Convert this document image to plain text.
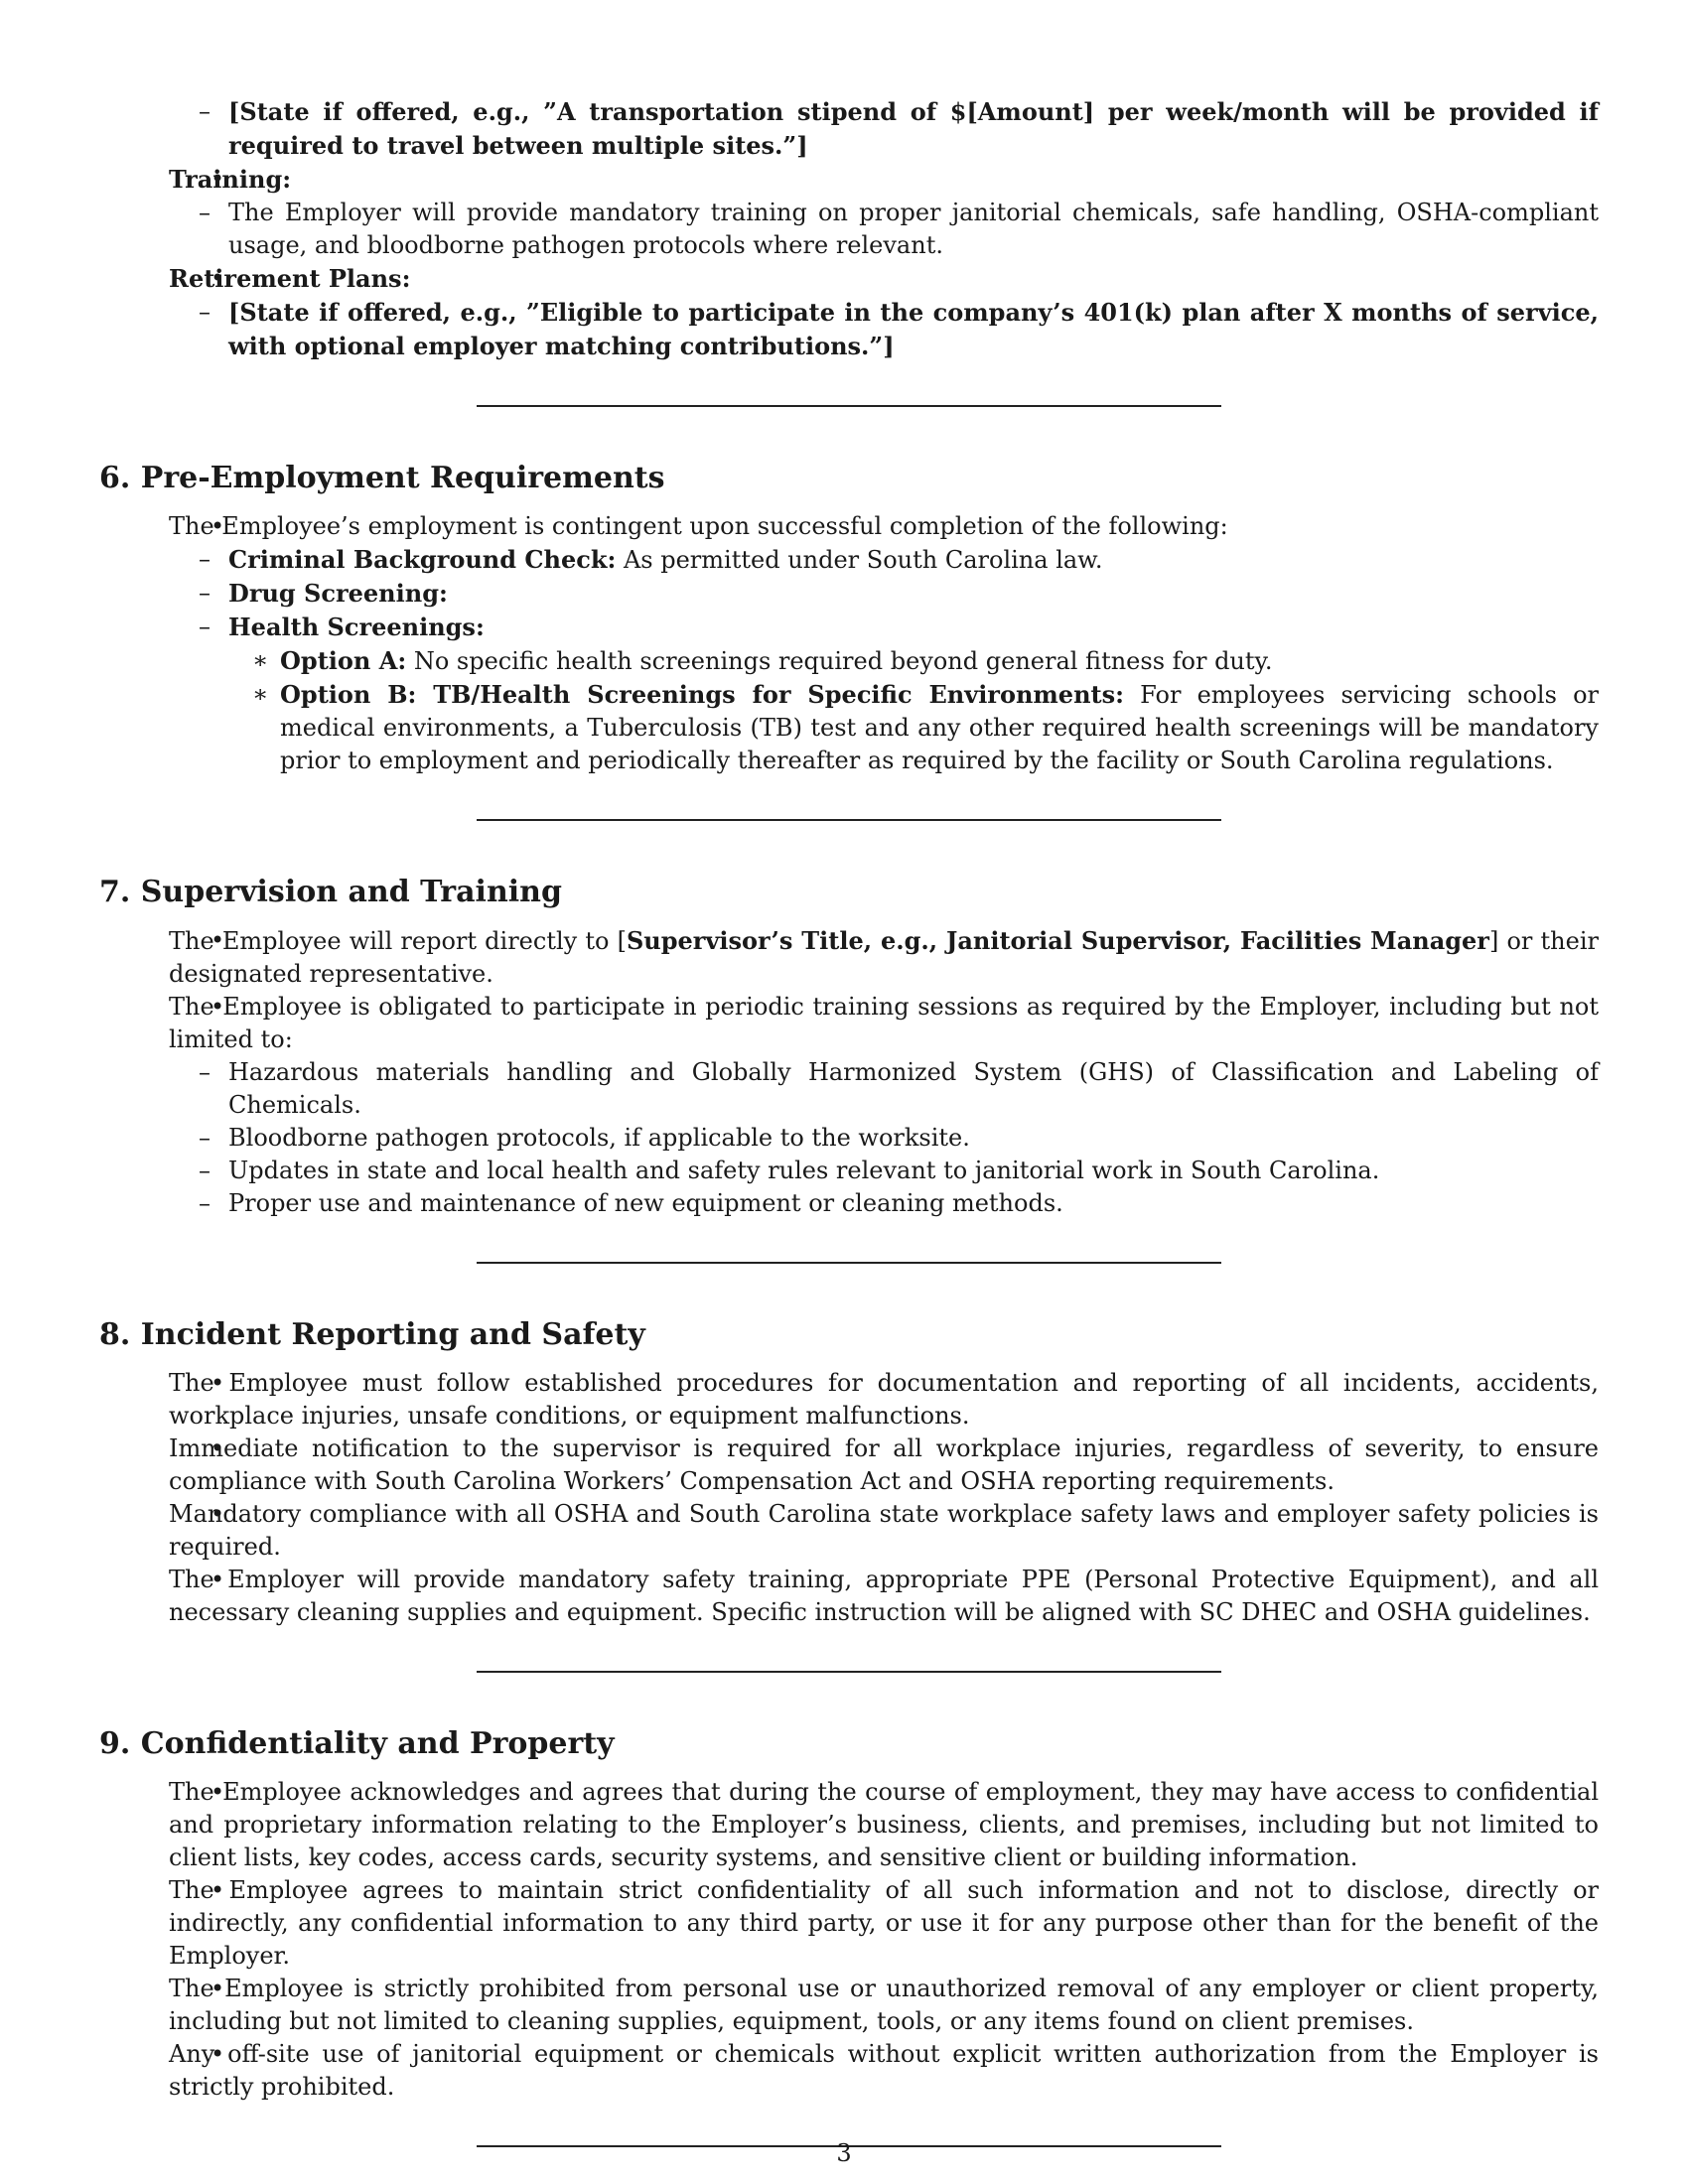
– [State if offered, e.g., ”A transportation stipend of $[Amount] per week/month will be provided if required to travel between multiple sites.”]
• Training:
– The Employer will provide mandatory training on proper janitorial chemicals, safe handling, OSHA-compliant usage, and bloodborne pathogen protocols where relevant.
• Retirement Plans:
– [State if offered, e.g., ”Eligible to participate in the company’s 401(k) plan after X months of service, with optional employer matching contributions.”]
6. Pre-Employment Requirements
• The Employee’s employment is contingent upon successful completion of the following:
– Criminal Background Check: As permitted under South Carolina law.
– Drug Screening:
– Health Screenings:
∗ Option A: No specific health screenings required beyond general fitness for duty.
∗ Option B: TB/Health Screenings for Specific Environments: For employees servicing schools or medical environments, a Tuberculosis (TB) test and any other required health screenings will be mandatory prior to employment and periodically thereafter as required by the facility or South Carolina regulations.
7. Supervision and Training
• The Employee will report directly to [Supervisor’s Title, e.g., Janitorial Supervisor, Facilities Manager] or their designated representative.
• The Employee is obligated to participate in periodic training sessions as required by the Employer, including but not limited to:
– Hazardous materials handling and Globally Harmonized System (GHS) of Classification and Labeling of Chemicals.
– Bloodborne pathogen protocols, if applicable to the worksite.
– Updates in state and local health and safety rules relevant to janitorial work in South Carolina.
– Proper use and maintenance of new equipment or cleaning methods.
8. Incident Reporting and Safety
• The Employee must follow established procedures for documentation and reporting of all incidents, accidents, workplace injuries, unsafe conditions, or equipment malfunctions.
• Immediate notification to the supervisor is required for all workplace injuries, regardless of severity, to ensure compliance with South Carolina Workers’ Compensation Act and OSHA reporting requirements.
• Mandatory compliance with all OSHA and South Carolina state workplace safety laws and employer safety policies is required.
• The Employer will provide mandatory safety training, appropriate PPE (Personal Protective Equipment), and all necessary cleaning supplies and equipment. Specific instruction will be aligned with SC DHEC and OSHA guidelines.
9. Confidentiality and Property
• The Employee acknowledges and agrees that during the course of employment, they may have access to confidential and proprietary information relating to the Employer’s business, clients, and premises, including but not limited to client lists, key codes, access cards, security systems, and sensitive client or building information.
• The Employee agrees to maintain strict confidentiality of all such information and not to disclose, directly or indirectly, any confidential information to any third party, or use it for any purpose other than for the benefit of the Employer.
• The Employee is strictly prohibited from personal use or unauthorized removal of any employer or client property, including but not limited to cleaning supplies, equipment, tools, or any items found on client premises.
• Any off-site use of janitorial equipment or chemicals without explicit written authorization from the Employer is strictly prohibited.
3
